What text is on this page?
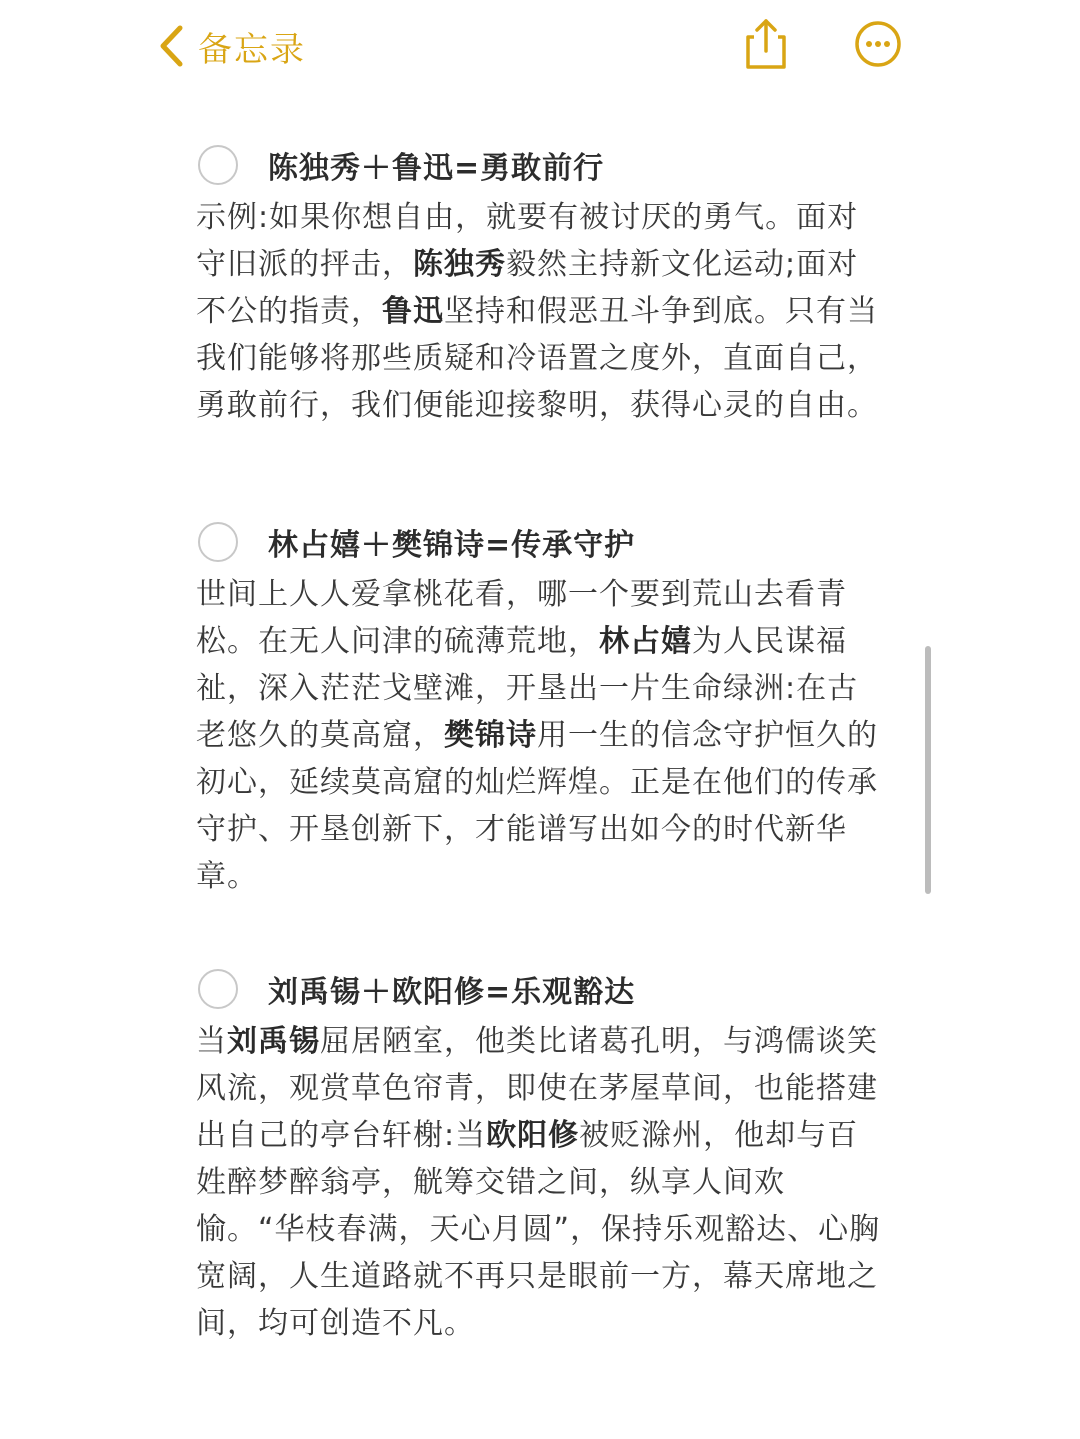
备忘录
陈独秀＋鲁迅=勇敢前行
示例:如果你想自由，就要有被讨厌的勇气。面对守旧派的抨击，陈独秀毅然主持新文化运动;面对不公的指责，鲁迅坚持和假恶丑斗争到底。只有当我们能够将那些质疑和冷语置之度外，直面自己，勇敢前行，我们便能迎接黎明，获得心灵的自由。
林占嬉＋樊锦诗=传承守护
世间上人人爱拿桃花看，哪一个要到荒山去看青松。在无人问津的硫薄荒地，林占嬉为人民谋福祉，深入茫茫戈壁滩，开垦出一片生命绿洲:在古老悠久的莫高窟，樊锦诗用一生的信念守护恒久的初心，延续莫高窟的灿烂辉煌。正是在他们的传承守护、开垦创新下，才能谱写出如今的时代新华章。
刘禹锡＋欧阳修=乐观豁达
当刘禹锡屈居陋室，他类比诸葛孔明，与鸿儒谈笑风流，观赏草色帘青，即使在茅屋草间，也能搭建出自己的亭台轩榭:当欧阳修被贬滁州，他却与百姓醉梦醉翁亭，觥筹交错之间，纵享人间欢愉。“华枝春满，天心月圆”，保持乐观豁达、心胸宽阔，人生道路就不再只是眼前一方，幕天席地之间，均可创造不凡。
